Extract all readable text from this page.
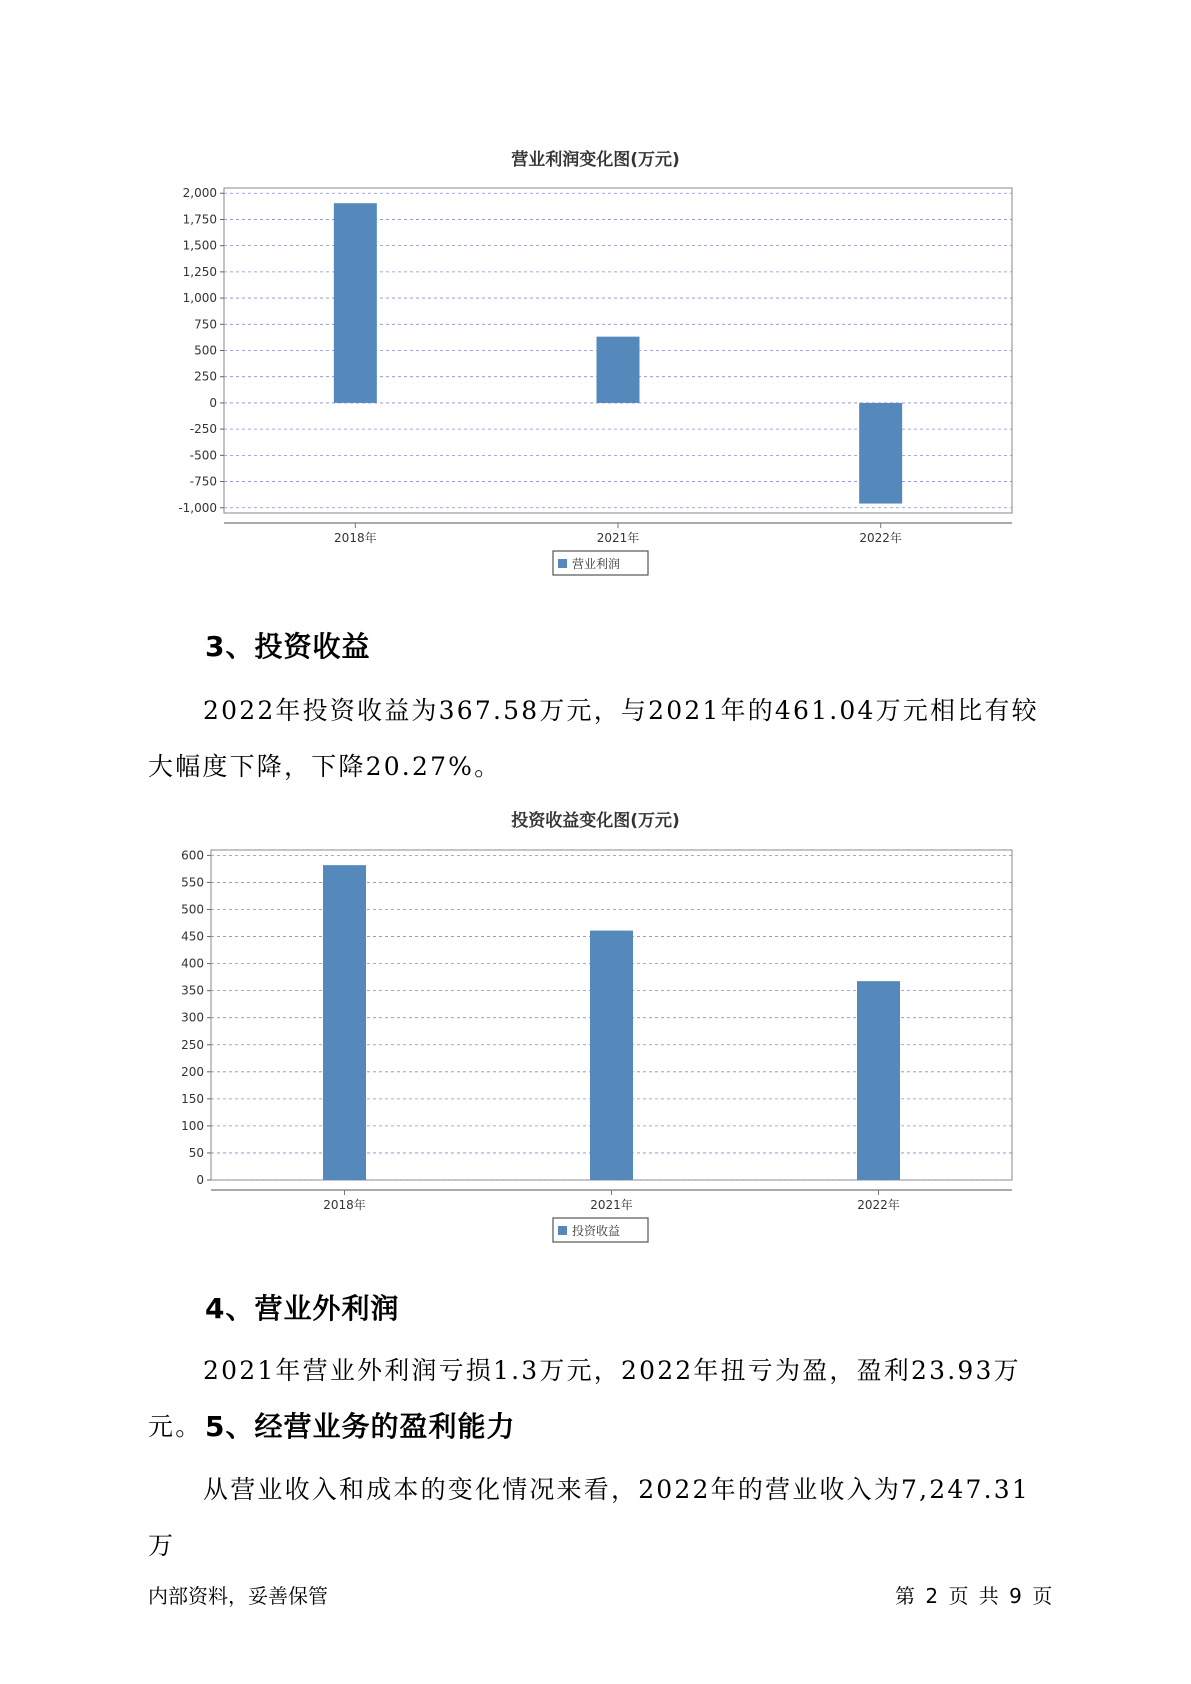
营业利润变化图(万元)
-1,000
-750
-500
-250
0
250
500
750
1,000
1,250
1,500
1,750
2,000
2018年	2021年	2022年
营业利润
3、投资收益
2022年投资收益为367.58万元，与2021年的461.04万元相比有较大幅度下降，下降20.27%。
投资收益变化图(万元)
0
50
100
150
200
250
300
350
400
450
500
550
600
2018年	2021年	2022年
投资收益
4、营业外利润
2021年营业外利润亏损1.3万元，2022年扭亏为盈，盈利23.93万元。 5、经营业务的盈利能力
从营业收入和成本的变化情况来看，2022年的营业收入为7,247.31万
内部资料，妥善保管	第 2 页 共 9 页
